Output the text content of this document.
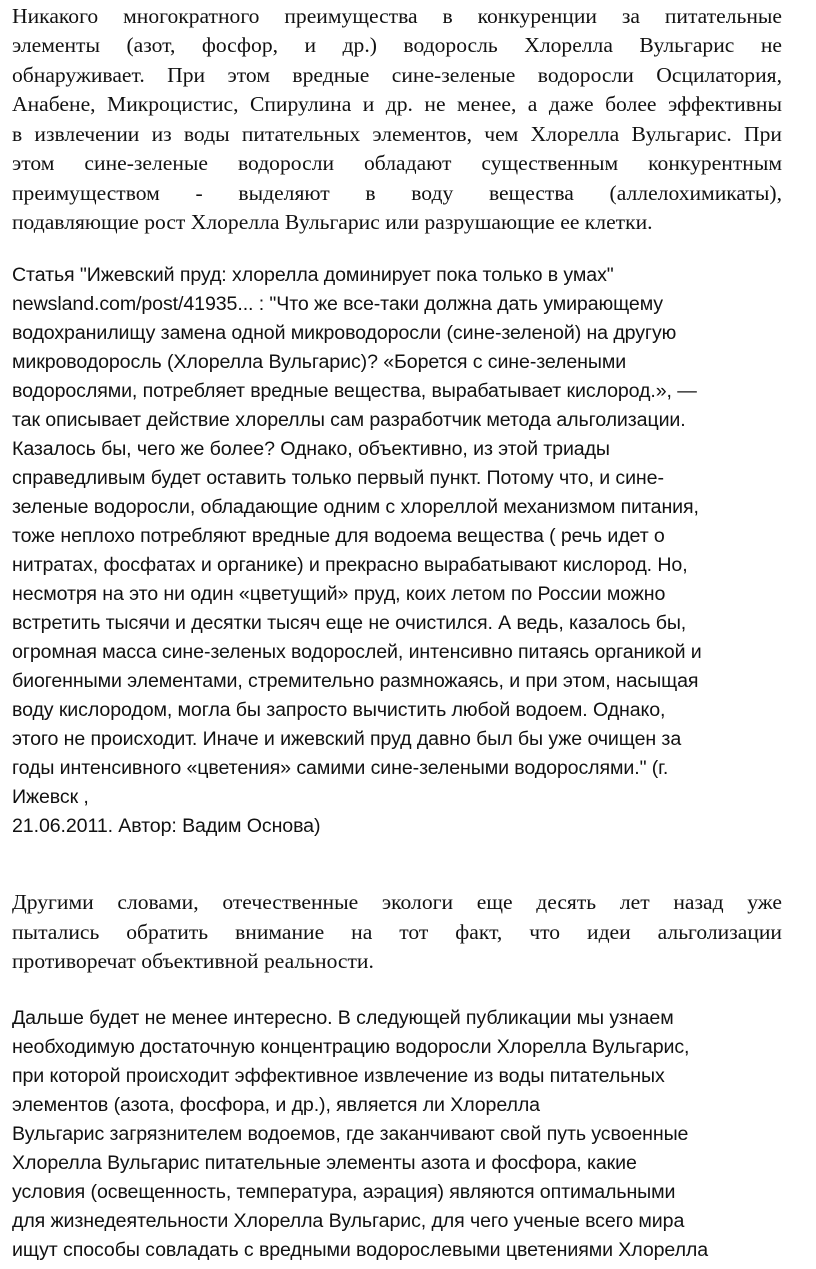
Никакого многократного преимущества в конкуренции за питательные
элементы (азот, фосфор, и др.) водоросль Хлорелла Вульгарис не
обнаруживает. При этом вредные сине-зеленые водоросли Осцилатория,
Анабене, Микроцистис, Спирулина и др. не менее, а даже более эффективны
в извлечении из воды питательных элементов, чем Хлорелла Вульгарис. При
этом сине-зеленые водоросли обладают существенным конкурентным
преимуществом - выделяют в воду вещества (аллелохимикаты),
подавляющие рост Хлорелла Вульгарис или разрушающие ее клетки.
Статья "Ижевский пруд: хлорелла доминирует пока только в умах"
newsland.com/post/41935... : "Что же все-таки должна дать умирающему
водохранилищу замена одной микроводоросли (сине-зеленой) на другую
микроводоросль (Хлорелла Вульгарис)? «Борется с сине-зелеными
водорослями, потребляет вредные вещества, вырабатывает кислород.», —
так описывает действие хлореллы сам разработчик метода альголизации.
Казалось бы, чего же более? Однако, объективно, из этой триады
справедливым будет оставить только первый пункт. Потому что, и сине-
зеленые водоросли, обладающие одним с хлореллой механизмом питания,
тоже неплохо потребляют вредные для водоема вещества ( речь идет о
нитратах, фосфатах и органике) и прекрасно вырабатывают кислород. Но,
несмотря на это ни один «цветущий» пруд, коих летом по России можно
встретить тысячи и десятки тысяч еще не очистился. А ведь, казалось бы,
огромная масса сине-зеленых водорослей, интенсивно питаясь органикой и
биогенными элементами, стремительно размножаясь, и при этом, насыщая
воду кислородом, могла бы запросто вычистить любой водоем. Однако,
этого не происходит. Иначе и ижевский пруд давно был бы уже очищен за
годы интенсивного «цветения» самими сине-зелеными водорослями." (г.
Ижевск ,
21.06.2011. Автор: Вадим Основа)
Другими словами, отечественные экологи еще десять лет назад уже
пытались обратить внимание на тот факт, что идеи альголизации
противоречат объективной реальности.
Дальше будет не менее интересно. В следующей публикации мы узнаем
необходимую достаточную концентрацию водоросли Хлорелла Вульгарис,
при которой происходит эффективное извлечение из воды питательных
элементов (азота, фосфора, и др.), является ли Хлорелла
Вульгарис загрязнителем водоемов, где заканчивают свой путь усвоенные
Хлорелла Вульгарис питательные элементы азота и фосфора, какие
условия (освещенность, температура, аэрация) являются оптимальными
для жизнедеятельности Хлорелла Вульгарис, для чего ученые всего мира
ищут способы совладать с вредными водорослевыми цветениями Хлорелла
